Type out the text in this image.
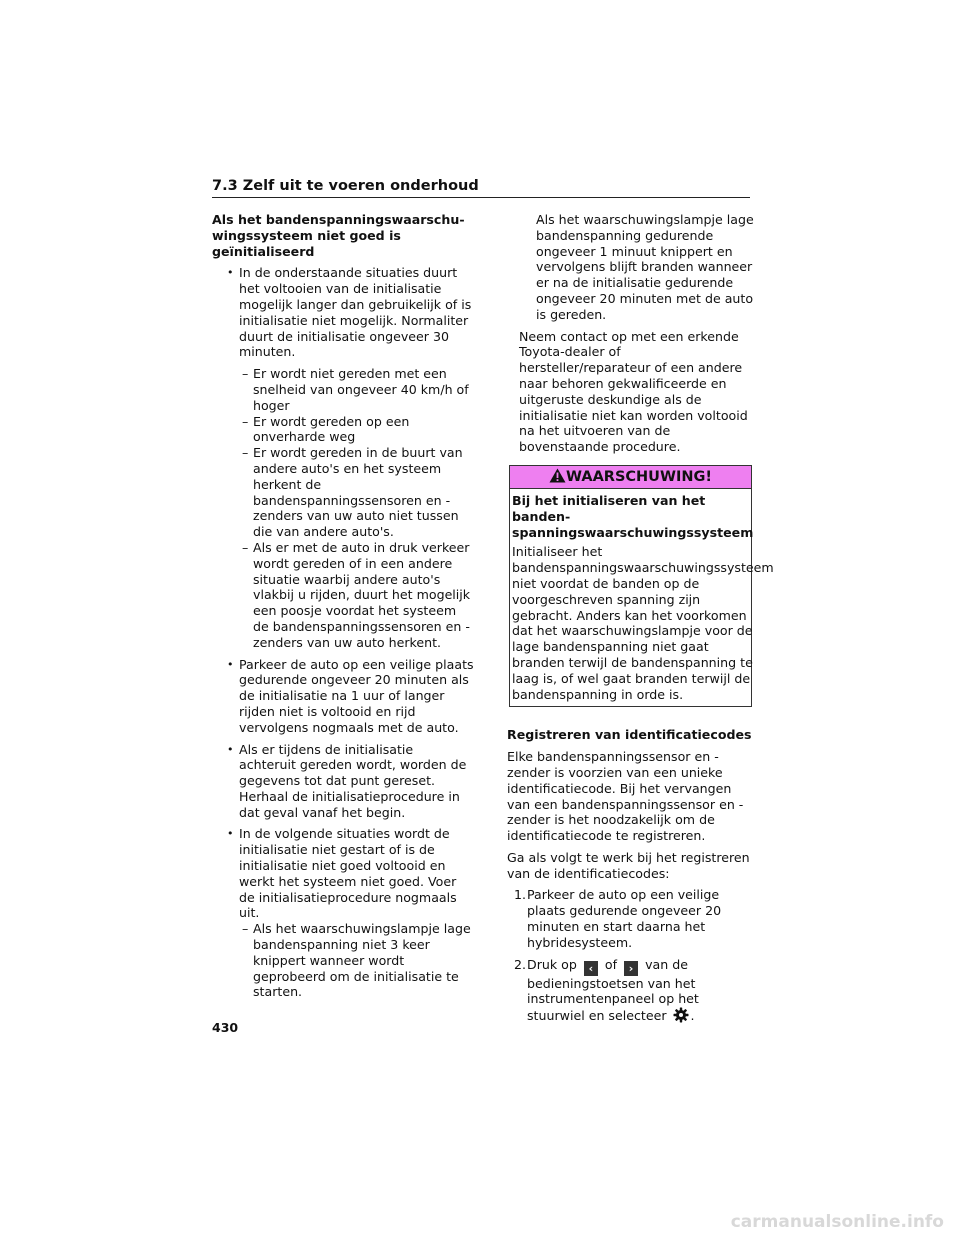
7.3 Zelf uit te voeren onderhoud
Als het bandenspanningswaarschu-
wingssysteem niet goed is
geïnitialiseerd
• In de onderstaande situaties duurt het voltooien van de initialisatie mogelijk langer dan gebruikelijk of is initialisatie niet mogelijk. Normaliter duurt de initialisatie ongeveer 30 minuten.
– Er wordt niet gereden met een snelheid van ongeveer 40 km/h of hoger
– Er wordt gereden op een onverharde weg
– Er wordt gereden in de buurt van andere auto's en het systeem herkent de bandenspanningssensoren en -zenders van uw auto niet tussen die van andere auto's.
– Als er met de auto in druk verkeer wordt gereden of in een andere situatie waarbij andere auto's vlakbij u rijden, duurt het mogelijk een poosje voordat het systeem de bandenspanningssensoren en -zenders van uw auto herkent.
• Parkeer de auto op een veilige plaats gedurende ongeveer 20 minuten als de initialisatie na 1 uur of langer rijden niet is voltooid en rijd vervolgens nogmaals met de auto.
• Als er tijdens de initialisatie achteruit gereden wordt, worden de gegevens tot dat punt gereset. Herhaal de initialisatieprocedure in dat geval vanaf het begin.
• In de volgende situaties wordt de initialisatie niet gestart of is de initialisatie niet goed voltooid en werkt het systeem niet goed. Voer de initialisatieprocedure nogmaals uit.
– Als het waarschuwingslampje lage bandenspanning niet 3 keer knippert wanneer wordt geprobeerd om de initialisatie te starten.
– Als het waarschuwingslampje lage bandenspanning gedurende ongeveer 1 minuut knippert en vervolgens blijft branden wanneer er na de initialisatie gedurende ongeveer 20 minuten met de auto is gereden.
Neem contact op met een erkende Toyota-dealer of hersteller/reparateur of een andere naar behoren gekwalificeerde en uitgeruste deskundige als de initialisatie niet kan worden voltooid na het uitvoeren van de bovenstaande procedure.
WAARSCHUWING!
Bij het initialiseren van het banden-
spanningswaarschuwingssysteem
Initialiseer het
bandenspanningswaarschuwingssysteem
niet voordat de banden op de
voorgeschreven spanning zijn
gebracht. Anders kan het voorkomen
dat het waarschuwingslampje voor de
lage bandenspanning niet gaat
branden terwijl de bandenspanning te
laag is, of wel gaat branden terwijl de
bandenspanning in orde is.
Registreren van identificatiecodes
Elke bandenspanningssensor en -zender is voorzien van een unieke identificatiecode. Bij het vervangen van een bandenspanningssensor en -zender is het noodzakelijk om de identificatiecode te registreren.
Ga als volgt te werk bij het registreren van de identificatiecodes:
1. Parkeer de auto op een veilige plaats gedurende ongeveer 20 minuten en start daarna het hybridesysteem.
2. Druk op ‹ of › van de bedieningstoetsen van het instrumentenpaneel op het stuurwiel en selecteer .
430
carmanualsonline.info
